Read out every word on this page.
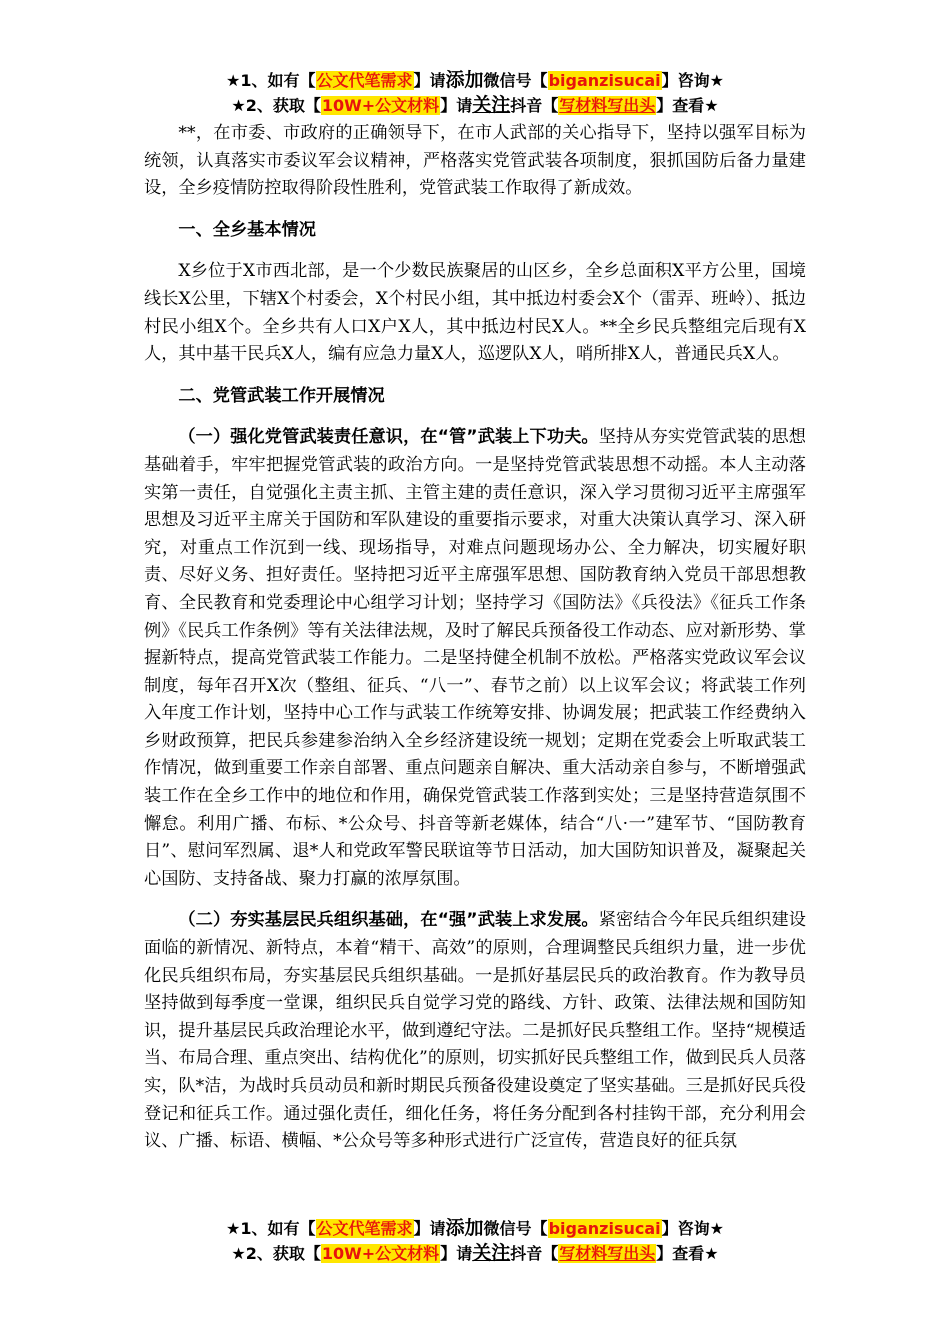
★1、如有【公文代笔需求】请添加微信号【biganzisucai】咨询★
★2、获取【10W+公文材料】请关注抖音【写材料写出头】查看★

**，在市委、市政府的正确领导下，在市人武部的关心指导下，坚持以强军目标为统领，认真落实市委议军会议精神，严格落实党管武装各项制度，狠抓国防后备力量建设，全乡疫情防控取得阶段性胜利，党管武装工作取得了新成效。

一、全乡基本情况

X乡位于X市西北部，是一个少数民族聚居的山区乡，全乡总面积X平方公里，国境线长X公里，下辖X个村委会，X个村民小组，其中抵边村委会X个（雷弄、班岭）、抵边村民小组X个。全乡共有人口X户X人，其中抵边村民X人。**全乡民兵整组完后现有X人，其中基干民兵X人，编有应急力量X人，巡逻队X人，哨所排X人，普通民兵X人。

二、党管武装工作开展情况

（一）强化党管武装责任意识，在“管”武装上下功夫。坚持从夯实党管武装的思想基础着手，牢牢把握党管武装的政治方向。一是坚持党管武装思想不动摇。本人主动落实第一责任，自觉强化主责主抓、主管主建的责任意识，深入学习贯彻习近平主席强军思想及习近平主席关于国防和军队建设的重要指示要求，对重大决策认真学习、深入研究，对重点工作沉到一线、现场指导，对难点问题现场办公、全力解决，切实履好职责、尽好义务、担好责任。坚持把习近平主席强军思想、国防教育纳入党员干部思想教育、全民教育和党委理论中心组学习计划；坚持学习《国防法》《兵役法》《征兵工作条例》《民兵工作条例》等有关法律法规，及时了解民兵预备役工作动态、应对新形势、掌握新特点，提高党管武装工作能力。二是坚持健全机制不放松。严格落实党政议军会议制度，每年召开X次（整组、征兵、“八一”、春节之前）以上议军会议；将武装工作列入年度工作计划，坚持中心工作与武装工作统筹安排、协调发展；把武装工作经费纳入乡财政预算，把民兵参建参治纳入全乡经济建设统一规划；定期在党委会上听取武装工作情况，做到重要工作亲自部署、重点问题亲自解决、重大活动亲自参与，不断增强武装工作在全乡工作中的地位和作用，确保党管武装工作落到实处；三是坚持营造氛围不懈怠。利用广播、布标、*公众号、抖音等新老媒体，结合“八·一”建军节、“国防教育日”、慰问军烈属、退*人和党政军警民联谊等节日活动，加大国防知识普及，凝聚起关心国防、支持备战、聚力打赢的浓厚氛围。

（二）夯实基层民兵组织基础，在“强”武装上求发展。紧密结合今年民兵组织建设面临的新情况、新特点，本着“精干、高效”的原则，合理调整民兵组织力量，进一步优化民兵组织布局，夯实基层民兵组织基础。一是抓好基层民兵的政治教育。作为教导员坚持做到每季度一堂课，组织民兵自觉学习党的路线、方针、政策、法律法规和国防知识，提升基层民兵政治理论水平，做到遵纪守法。二是抓好民兵整组工作。坚持“规模适当、布局合理、重点突出、结构优化”的原则，切实抓好民兵整组工作，做到民兵人员落实，队*洁，为战时兵员动员和新时期民兵预备役建设奠定了坚实基础。三是抓好民兵役登记和征兵工作。通过强化责任，细化任务，将任务分配到各村挂钩干部，充分利用会议、广播、标语、横幅、*公众号等多种形式进行广泛宣传，营造良好的征兵氛

★1、如有【公文代笔需求】请添加微信号【biganzisucai】咨询★
★2、获取【10W+公文材料】请关注抖音【写材料写出头】查看★
